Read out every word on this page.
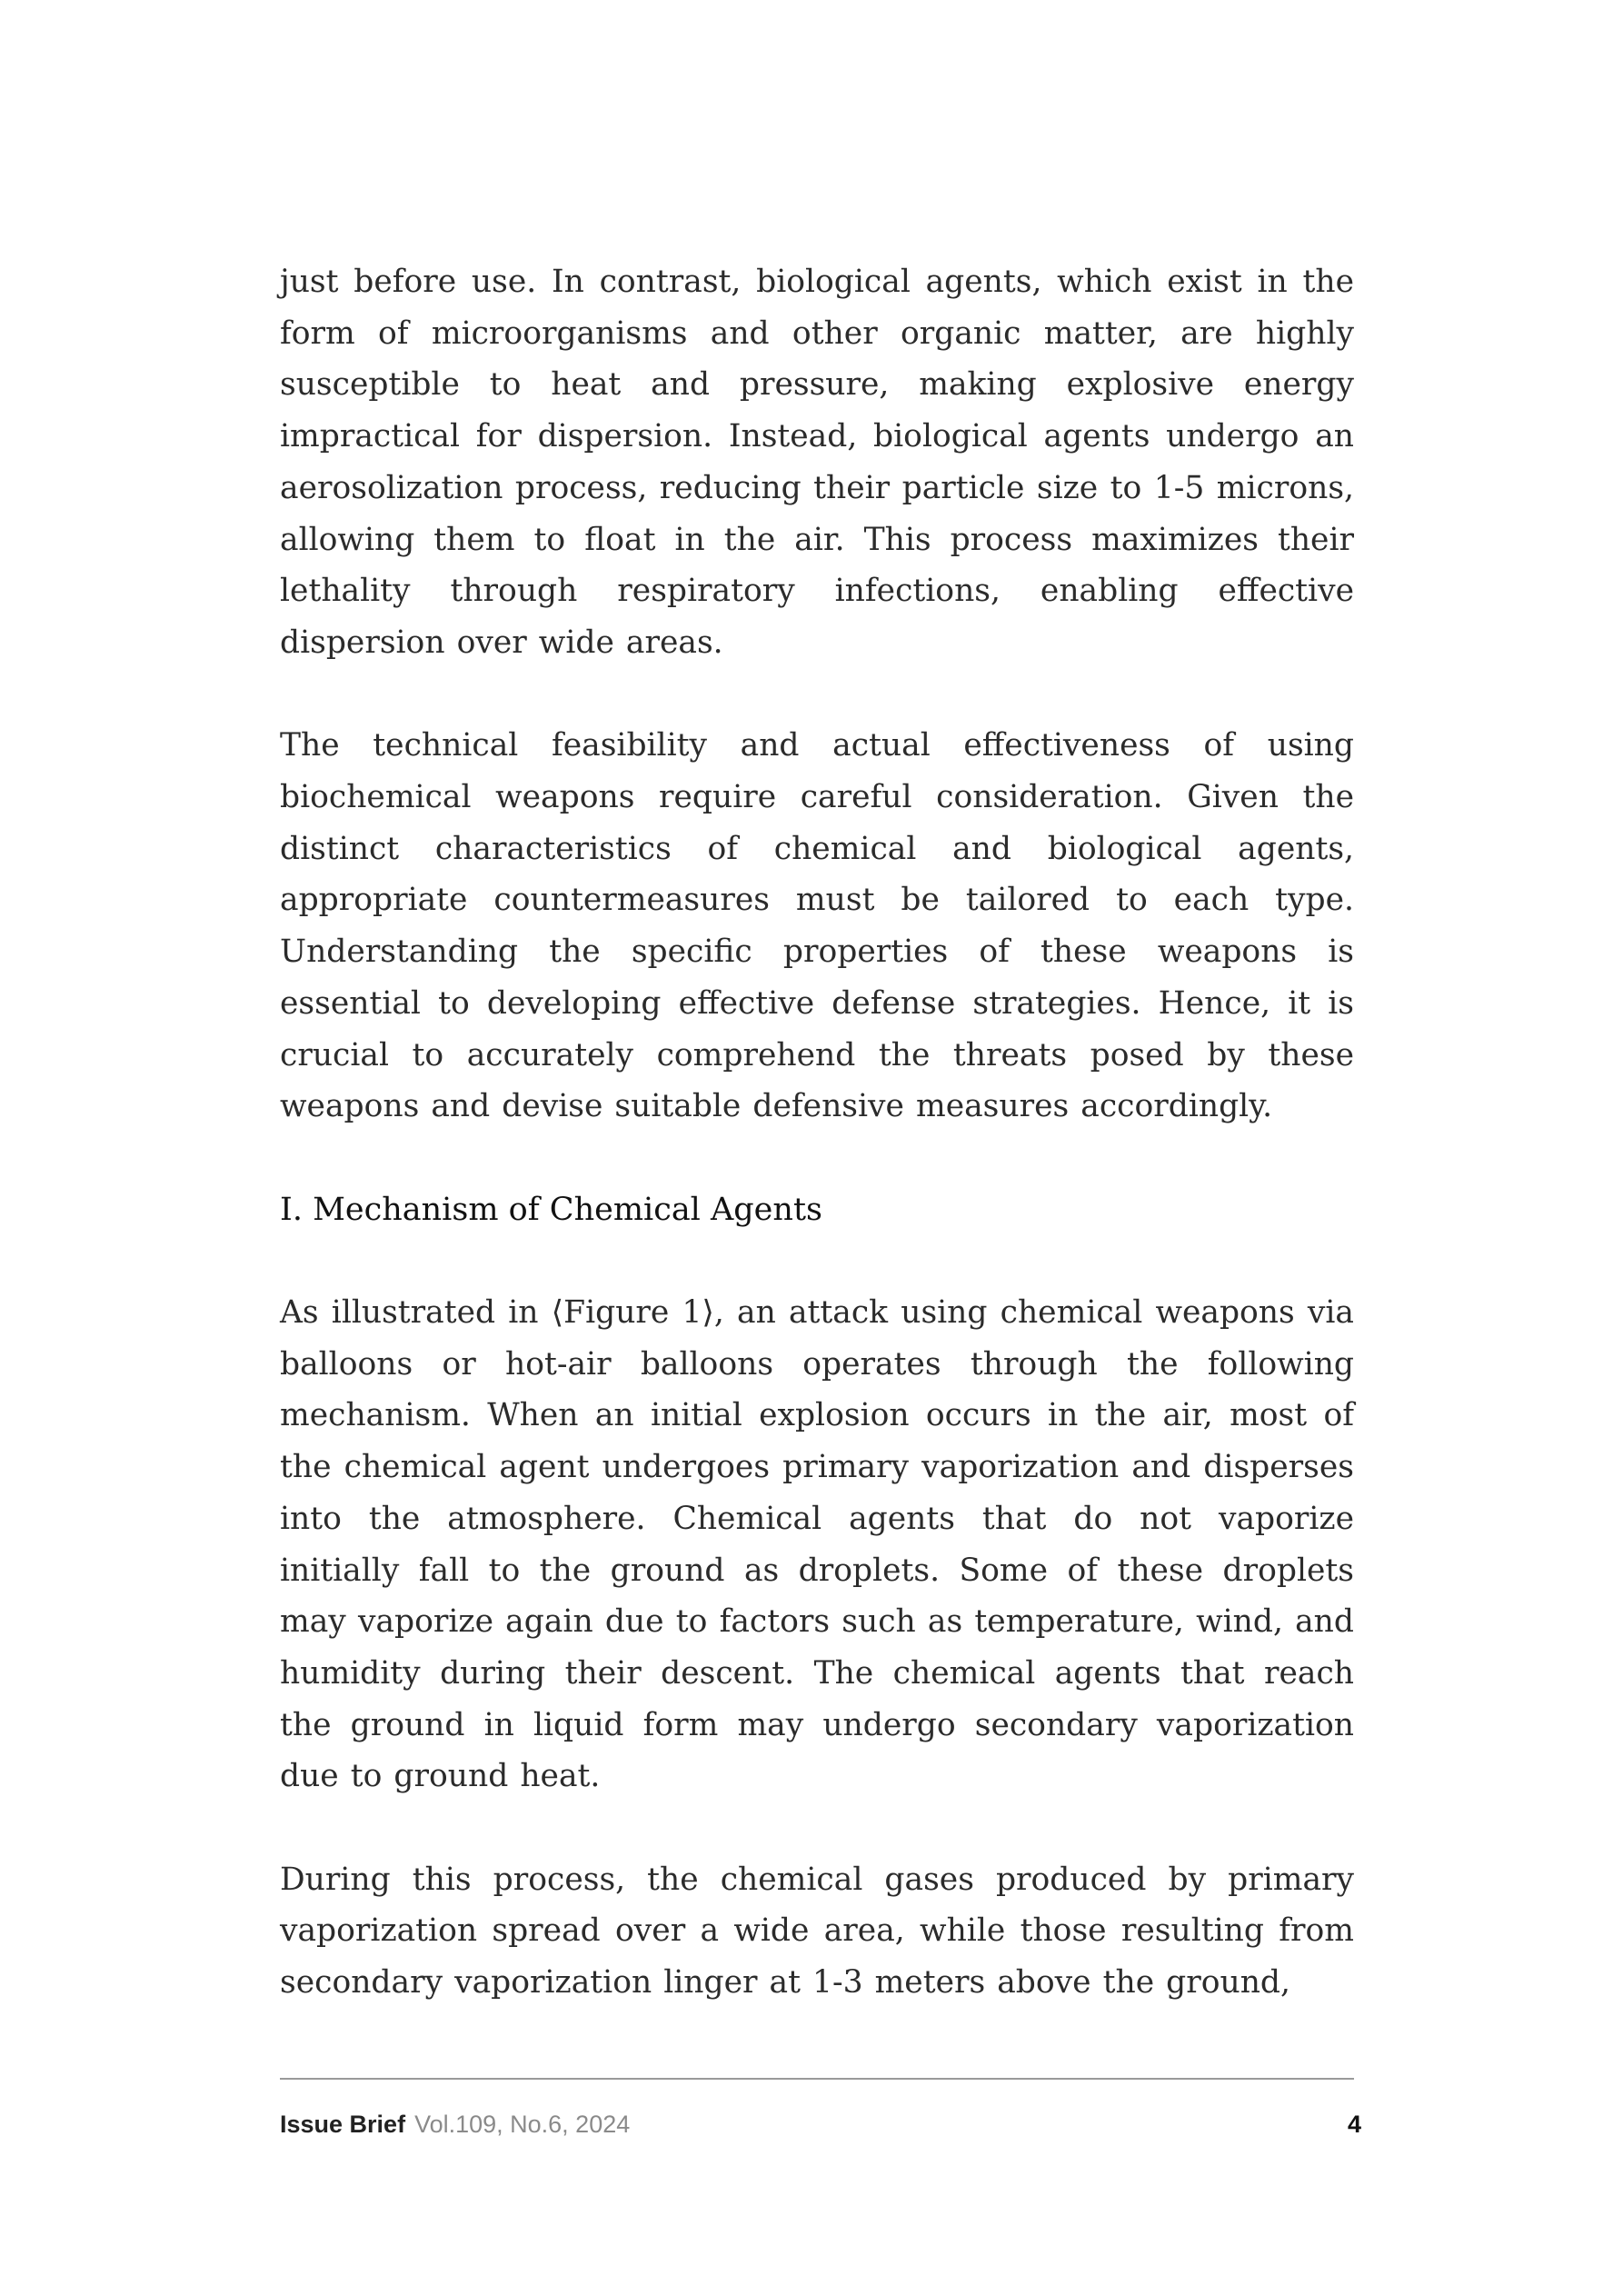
just before use. In contrast, biological agents, which exist in the form of microorganisms and other organic matter, are highly susceptible to heat and pressure, making explosive energy impractical for dispersion. Instead, biological agents undergo an aerosolization process, reducing their particle size to 1-5 microns, allowing them to float in the air. This process maximizes their lethality through respiratory infections, enabling effective dispersion over wide areas.

The technical feasibility and actual effectiveness of using biochemical weapons require careful consideration. Given the distinct characteristics of chemical and biological agents, appropriate countermeasures must be tailored to each type. Understanding the specific properties of these weapons is essential to developing effective defense strategies. Hence, it is crucial to accurately comprehend the threats posed by these weapons and devise suitable defensive measures accordingly.

Ⅰ. Mechanism of Chemical Agents

As illustrated in ⟨Figure 1⟩, an attack using chemical weapons via balloons or hot-air balloons operates through the following mechanism. When an initial explosion occurs in the air, most of the chemical agent undergoes primary vaporization and disperses into the atmosphere. Chemical agents that do not vaporize initially fall to the ground as droplets. Some of these droplets may vaporize again due to factors such as temperature, wind, and humidity during their descent. The chemical agents that reach the ground in liquid form may undergo secondary vaporization due to ground heat.

During this process, the chemical gases produced by primary vaporization spread over a wide area, while those resulting from secondary vaporization linger at 1-3 meters above the ground,

Issue Brief Vol.109, No.6, 2024	4
